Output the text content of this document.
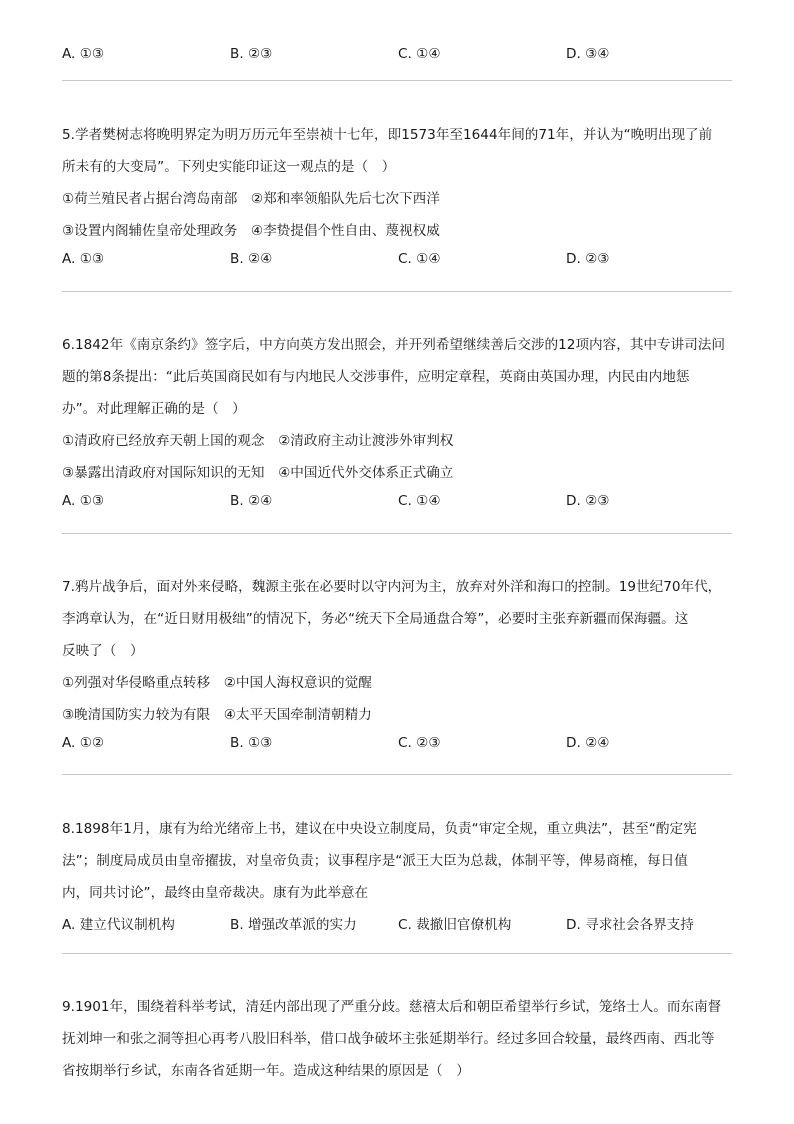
A. ①③	B. ②③	C. ①④	D. ③④
5.学者樊树志将晚明界定为明万历元年至崇祯十七年，即1573年至1644年间的71年，并认为“晚明出现了前
所未有的大变局”。下列史实能印证这一观点的是（　）
①荷兰殖民者占据台湾岛南部　②郑和率领船队先后七次下西洋
③设置内阁辅佐皇帝处理政务　④李贽提倡个性自由、蔑视权威
A. ①③	B. ②④	C. ①④	D. ②③
6.1842年《南京条约》签字后，中方向英方发出照会，并开列希望继续善后交涉的12项内容，其中专讲司法问
题的第8条提出：“此后英国商民如有与内地民人交涉事件，应明定章程，英商由英国办理，内民由内地惩
办”。对此理解正确的是（　）
①清政府已经放弃天朝上国的观念　②清政府主动让渡涉外审判权
③暴露出清政府对国际知识的无知　④中国近代外交体系正式确立
A. ①③	B. ②④	C. ①④	D. ②③
7.鸦片战争后，面对外来侵略，魏源主张在必要时以守内河为主，放弃对外洋和海口的控制。19世纪70年代，
李鸿章认为，在“近日财用极绌”的情况下，务必“统天下全局通盘合筹”，必要时主张弃新疆而保海疆。这
反映了（　）
①列强对华侵略重点转移　②中国人海权意识的觉醒
③晚清国防实力较为有限　④太平天国牵制清朝精力
A. ①②	B. ①③	C. ②③	D. ②④
8.1898年1月，康有为给光绪帝上书，建议在中央设立制度局，负责“审定全规，重立典法”，甚至“酌定宪
法”；制度局成员由皇帝擢拔，对皇帝负责；议事程序是“派王大臣为总裁，体制平等，俾易商榷，每日值
内，同共讨论”，最终由皇帝裁决。康有为此举意在
A. 建立代议制机构	B. 增强改革派的实力	C. 裁撤旧官僚机构	D. 寻求社会各界支持
9.1901年，围绕着科举考试，清廷内部出现了严重分歧。慈禧太后和朝臣希望举行乡试，笼络士人。而东南督
抚刘坤一和张之洞等担心再考八股旧科举，借口战争破坏主张延期举行。经过多回合较量，最终西南、西北等
省按期举行乡试，东南各省延期一年。造成这种结果的原因是（　）
